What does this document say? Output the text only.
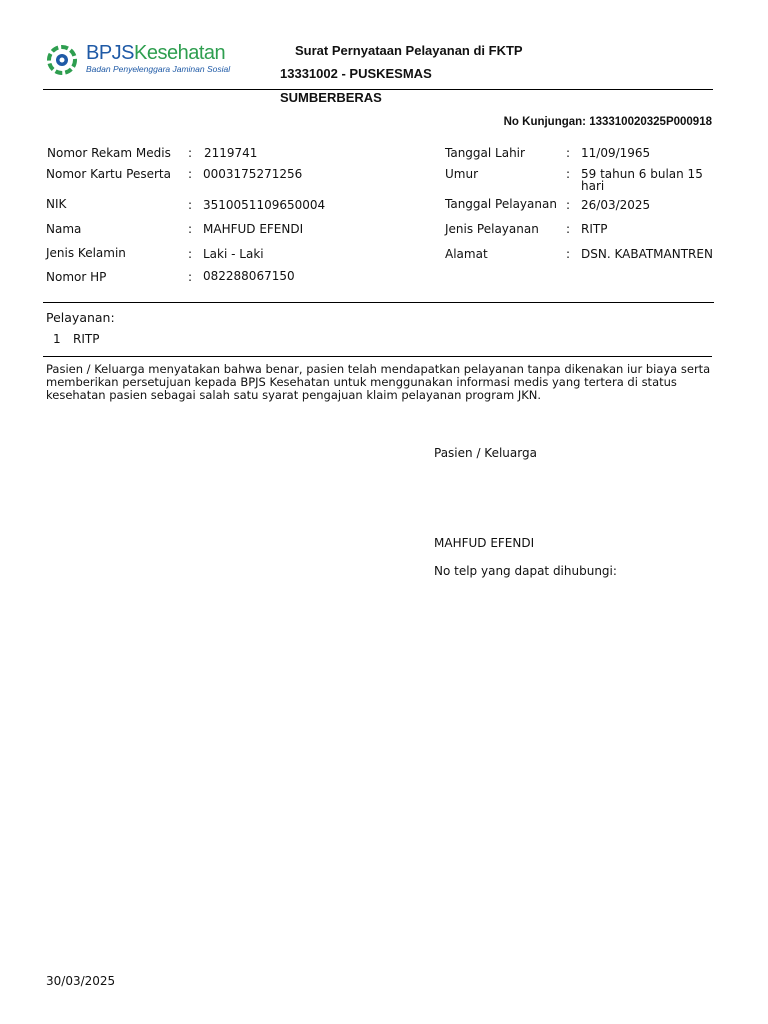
BPJSKesehatan
Badan Penyelenggara Jaminan Sosial
Surat Pernyataan Pelayanan di FKTP
13331002 - PUSKESMAS
SUMBERBERAS
No Kunjungan: 133310020325P000918
Nomor Rekam Medis : 2119741
Nomor Kartu Peserta : 0003175271256
NIK	: 3510051109650004
Nama	: MAHFUD EFENDI
Jenis Kelamin	: Laki - Laki
Nomor HP	: 082288067150
Tanggal Lahir	: 11/09/1965
Umur	: 59 tahun 6 bulan 15 hari
Tanggal Pelayanan : 26/03/2025
Jenis Pelayanan : RITP
Alamat	: DSN. KABATMANTREN
Pelayanan:
1 RITP
Pasien / Keluarga menyatakan bahwa benar, pasien telah mendapatkan pelayanan tanpa dikenakan iur biaya serta memberikan persetujuan kepada BPJS Kesehatan untuk menggunakan informasi medis yang tertera di status kesehatan pasien sebagai salah satu syarat pengajuan klaim pelayanan program JKN.
Pasien / Keluarga
MAHFUD EFENDI
No telp yang dapat dihubungi:
30/03/2025
